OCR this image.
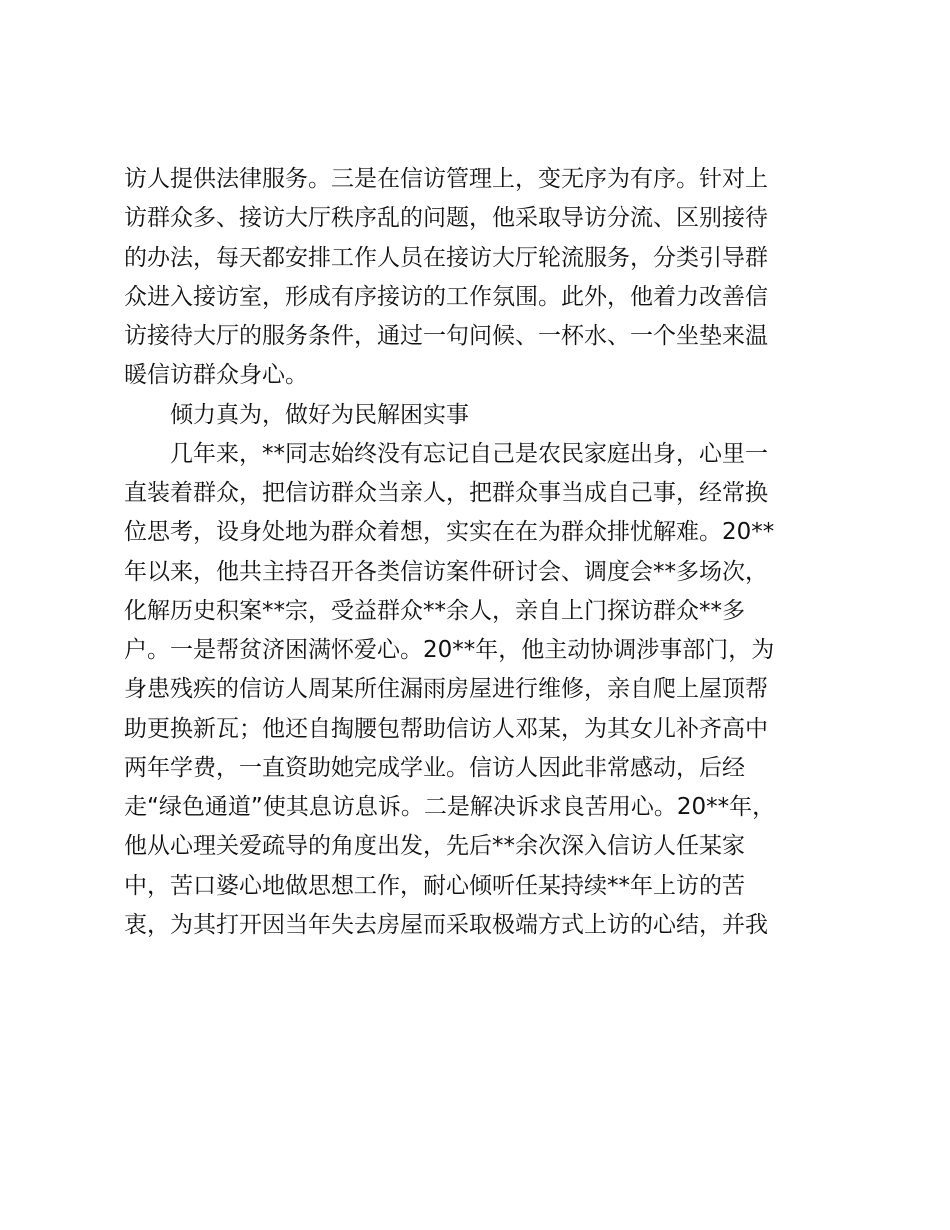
访人提供法律服务。三是在信访管理上，变无序为有序。针对上
访群众多、接访大厅秩序乱的问题，他采取导访分流、区别接待
的办法，每天都安排工作人员在接访大厅轮流服务，分类引导群
众进入接访室，形成有序接访的工作氛围。此外，他着力改善信
访接待大厅的服务条件，通过一句问候、一杯水、一个坐垫来温
暖信访群众身心。
倾力真为，做好为民解困实事
几年来，**同志始终没有忘记自己是农民家庭出身，心里一
直装着群众，把信访群众当亲人，把群众事当成自己事，经常换
位思考，设身处地为群众着想，实实在在为群众排忧解难。20**
年以来，他共主持召开各类信访案件研讨会、调度会**多场次，
化解历史积案**宗，受益群众**余人，亲自上门探访群众**多
户。一是帮贫济困满怀爱心。20**年，他主动协调涉事部门，为
身患残疾的信访人周某所住漏雨房屋进行维修，亲自爬上屋顶帮
助更换新瓦；他还自掏腰包帮助信访人邓某，为其女儿补齐高中
两年学费，一直资助她完成学业。信访人因此非常感动，后经
走“绿色通道”使其息访息诉。二是解决诉求良苦用心。20**年，
他从心理关爱疏导的角度出发，先后**余次深入信访人任某家
中，苦口婆心地做思想工作，耐心倾听任某持续**年上访的苦
衷，为其打开因当年失去房屋而采取极端方式上访的心结，并我
